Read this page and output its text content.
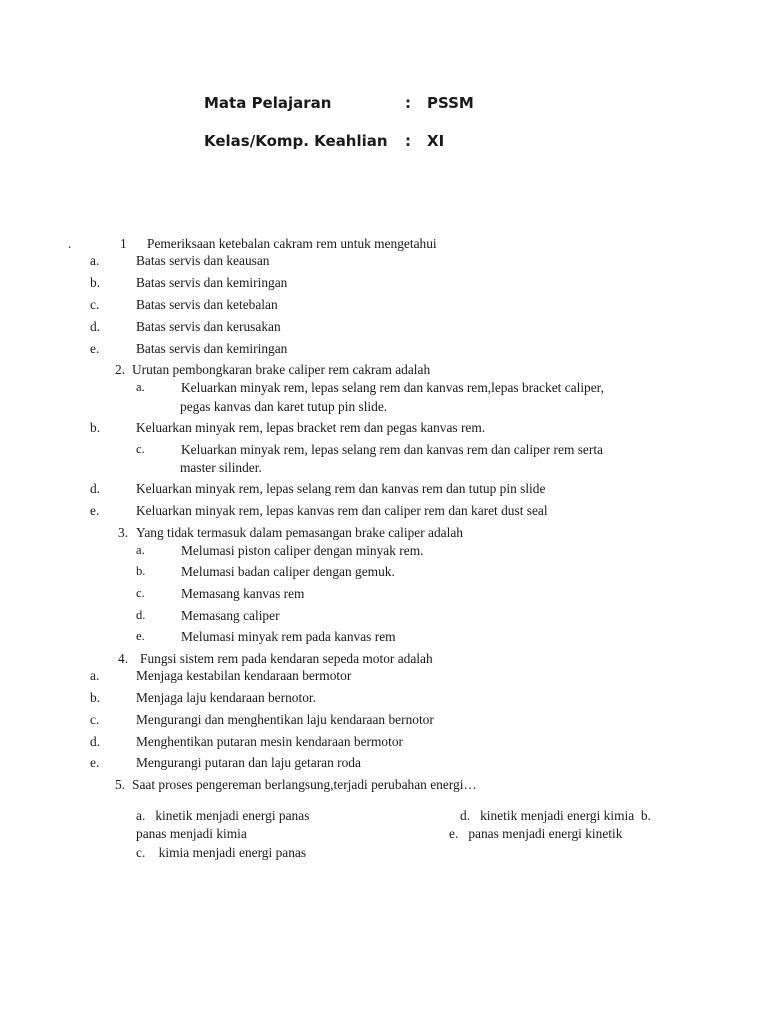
Mata Pelajaran	: PSSM
Kelas/Komp. Keahlian : XI
.	1 Pemeriksaan ketebalan cakram rem untuk mengetahui
a.	Batas servis dan keausan
b.	Batas servis dan kemiringan
c.	Batas servis dan ketebalan
d.	Batas servis dan kerusakan
e.	Batas servis dan kemiringan
2. Urutan pembongkaran brake caliper rem cakram adalah
a.	Keluarkan minyak rem, lepas selang rem dan kanvas rem,lepas bracket caliper,
pegas kanvas dan karet tutup pin slide.
b.	Keluarkan minyak rem, lepas bracket rem dan pegas kanvas rem.
c.	Keluarkan minyak rem, lepas selang rem dan kanvas rem dan caliper rem serta
master silinder.
d.	Keluarkan minyak rem, lepas selang rem dan kanvas rem dan tutup pin slide
e.	Keluarkan minyak rem, lepas kanvas rem dan caliper rem dan karet dust seal
3. Yang tidak termasuk dalam pemasangan brake caliper adalah
a.	Melumasi piston caliper dengan minyak rem.
b.	Melumasi badan caliper dengan gemuk.
c.	Memasang kanvas rem
d.	Memasang caliper
e.	Melumasi minyak rem pada kanvas rem
4. Fungsi sistem rem pada kendaran sepeda motor adalah
a.	Menjaga kestabilan kendaraan bermotor
b.	Menjaga laju kendaraan bernotor.
c.	Mengurangi dan menghentikan laju kendaraan bernotor
d.	Menghentikan putaran mesin kendaraan bermotor
e.	Mengurangi putaran dan laju getaran roda
5. Saat proses pengereman berlangsung,terjadi perubahan energi…
a.   kinetik menjadi energi panas	d.   kinetik menjadi energi kimia  b.
panas menjadi kimia	e.   panas menjadi energi kinetik
c.    kimia menjadi energi panas
